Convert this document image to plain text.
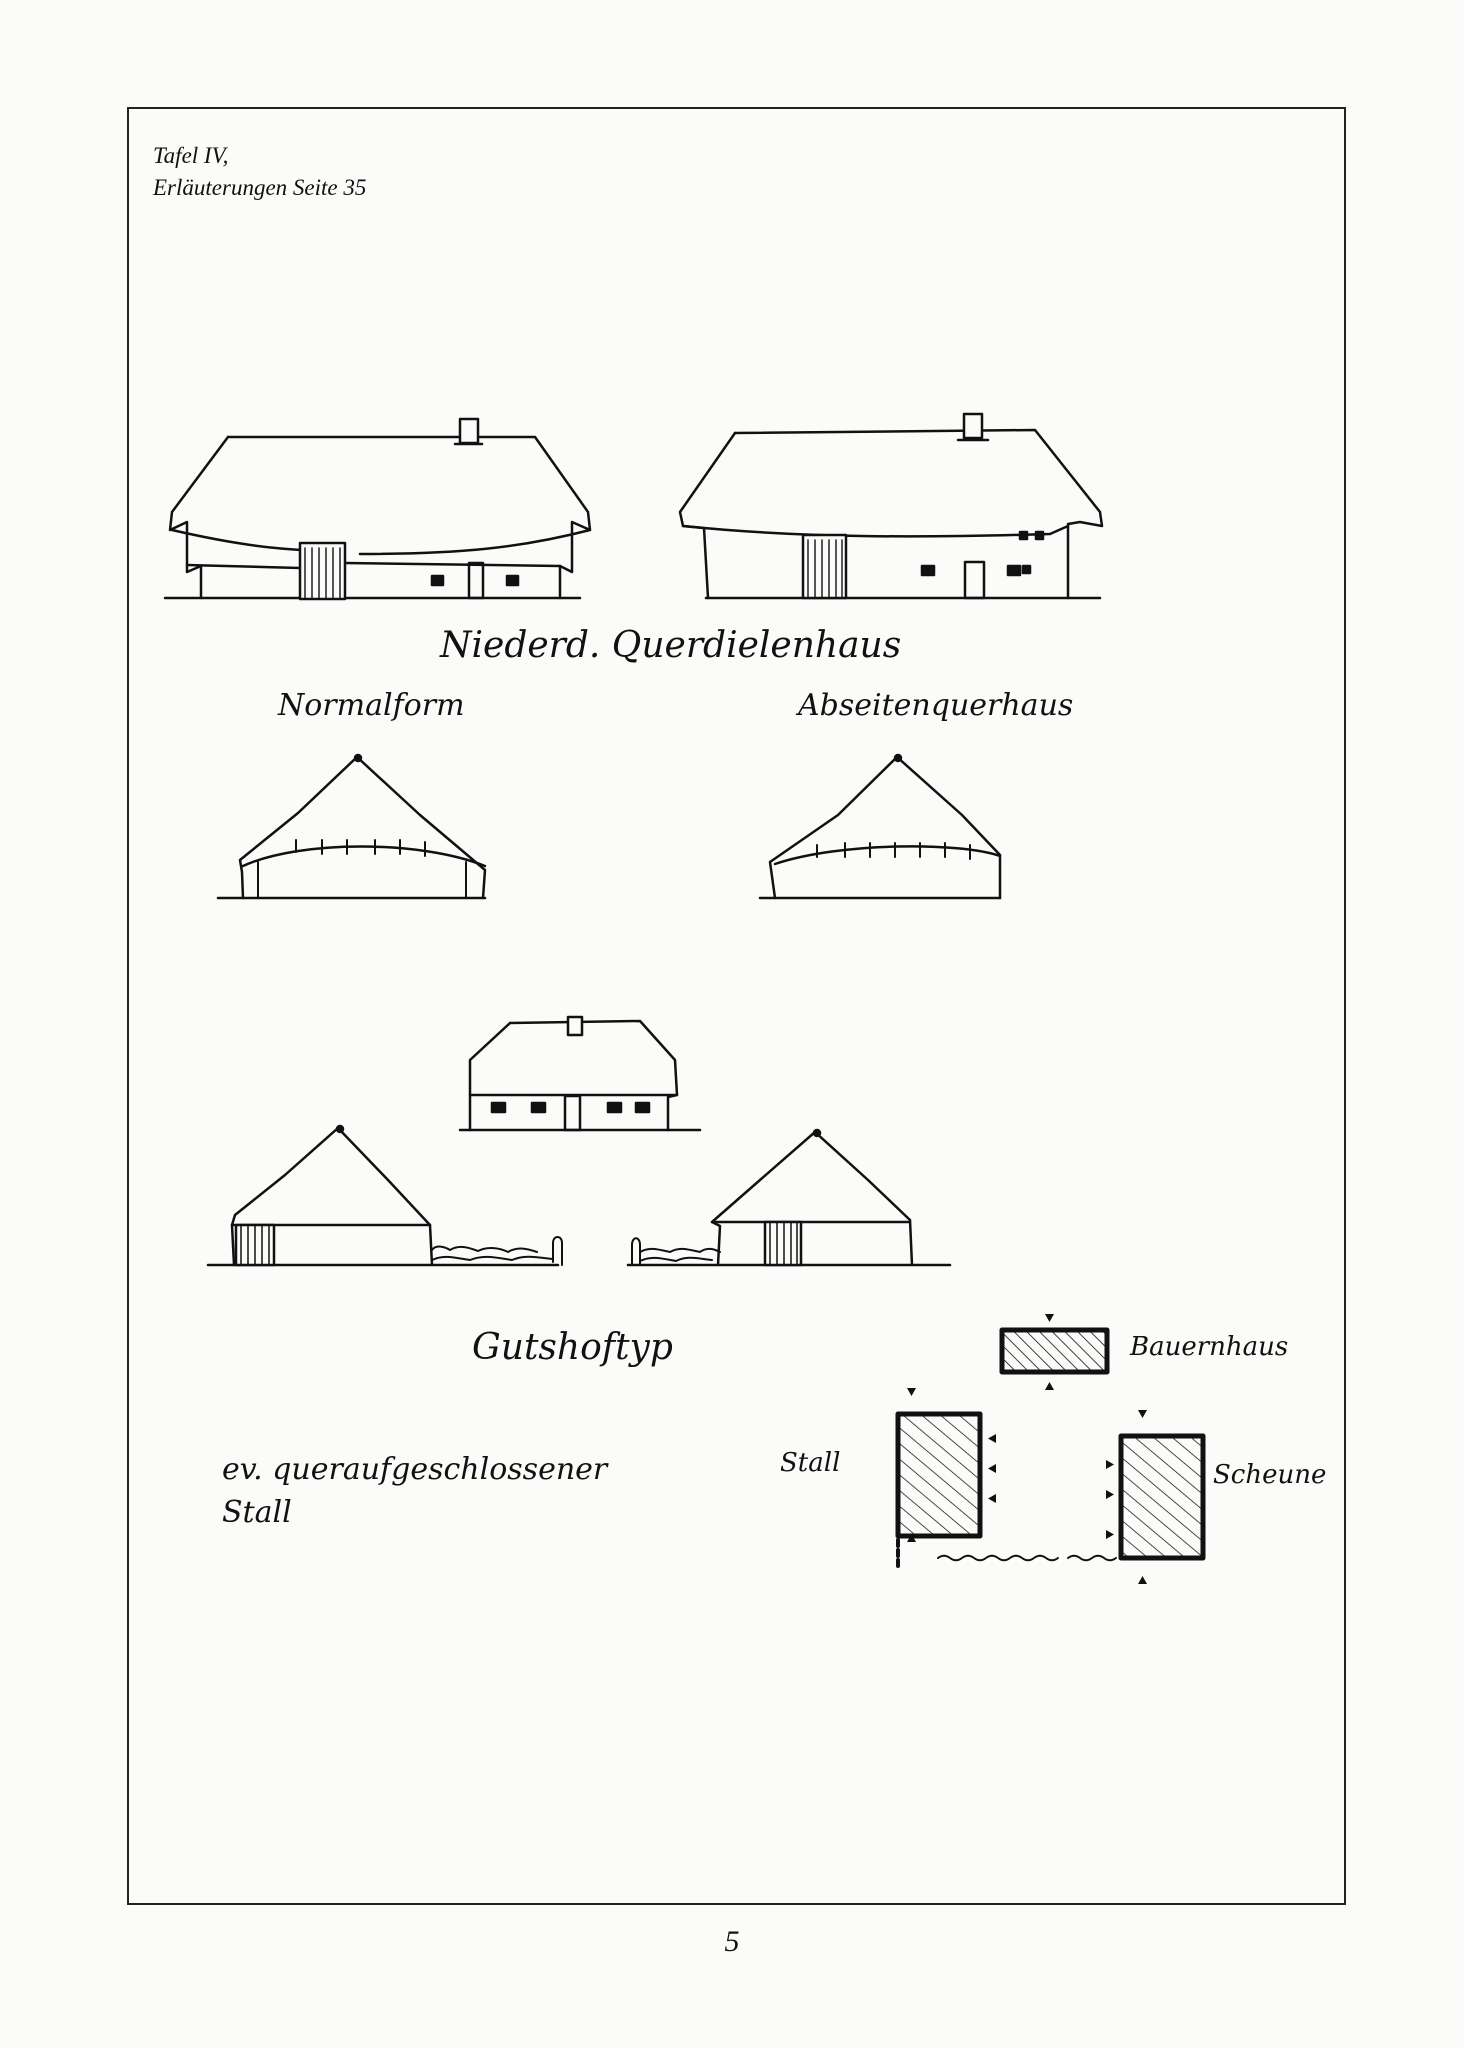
Tafel IV,
Erläuterungen Seite 35
Niederd. Querdielenhaus
Normalform	Abseitenquerhaus
Gutshoftyp
ev. queraufgeschlossener
Stall
Bauernhaus
Stall	Scheune
5
